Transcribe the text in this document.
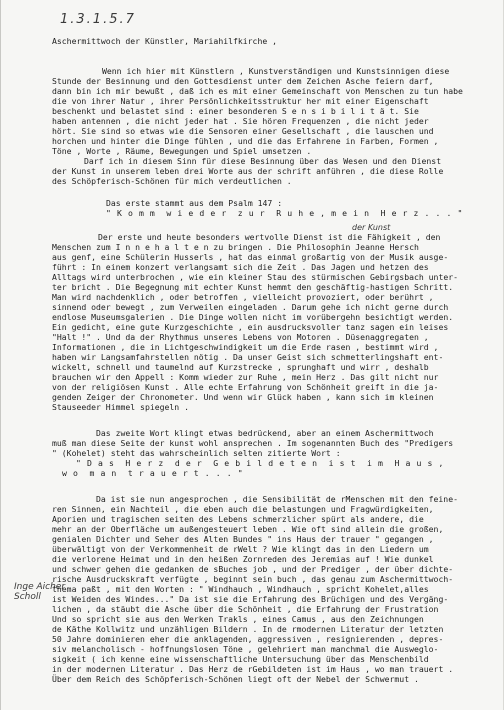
1.3.1.5.7
der Kunst
Inge Aicher Scholl
Aschermittwoch der Künstler, Mariahilfkirche ,
Wenn ich hier mit Künstlern , Kunstverständigen und Kunstsinnigen diese
Stunde der Besinnung und den Gottesdienst unter dem Zeichen Asche feiern darf,
dann bin ich mir bewußt , daß ich es mit einer Gemeinschaft von Menschen zu tun habe
die von ihrer Natur , ihrer Persönlichkeitsstruktur her mit einer Eigenschaft
beschenkt und belastet sind : einer besonderen S e n s i b i l i t ä t. Sie
haben antennen , die nicht jeder hat . Sie hören Frequenzen , die nicht jeder
hört. Sie sind so etwas wie die Sensoren einer Gesellschaft , die lauschen und
horchen und hinter die Dinge fühlen , und die das Erfahrene in Farben, Formen ,
Töne , Worte , Räume, Bewegungen und Spiel umsetzen .
Darf ich in diesem Sinn für diese Besinnung über das Wesen und den Dienst
der Kunst in unserem leben drei Worte aus der schrift anführen , die diese Rolle
des Schöpferisch-Schönen für mich verdeutlichen .
Das erste stammt aus dem Psalm 147 :
" K o m m  w i e d e r  z u r  R u h e , m e i n  H e r z . . . "
Der erste und heute besonders wertvolle Dienst ist die Fähigkeit , den
Menschen zum I n n e h a l t e n zu bringen . Die Philosophin Jeanne Hersch
aus genf, eine Schülerin Husserls , hat das einmal großartig von der Musik ausge-
führt : In einem konzert verlangsamt sich die Zeit . Das Jagen und hetzen des
Alltags wird unterbrochen , wie ein kleiner Stau des stürmischen Gebirgsbach unter-
ter bricht . Die Begegnung mit echter Kunst hemmt den geschäftig-hastigen Schritt.
Man wird nachdenklich , oder betroffen , vielleicht provoziert, oder berührt ,
sinnend oder bewegt , zum Verweilen eingeladen . Darum gehe ich nicht gerne durch
endlose Museumsgalerien . Die Dinge wollen nicht im vorübergehn besichtigt werden.
Ein gedicht, eine gute Kurzgeschichte , ein ausdrucksvoller tanz sagen ein leises
"Halt !" . Und da der Rhythmus unseres Lebens von Motoren . Düsenaggregaten ,
Informationen , die in Lichtgeschwindigkeit um die Erde rasen , bestimmt wird ,
haben wir Langsamfahrstellen nötig . Da unser Geist sich schmetterlingshaft ent-
wickelt, schnell und taumelnd auf Kurzstrecke , sprunghaft und wirr , deshalb
brauchen wir den Appell : Komm wieder zur Ruhe , mein Herz . Das gilt nicht nur
von der religiösen Kunst . Alle echte Erfahrung von Schönheit greift in die ja-
genden Zeiger der Chronometer. Und wenn wir Glück haben , kann sich im kleinen
Stauseeder Himmel spiegeln .
Das zweite Wort klingt etwas bedrückend, aber an einem Aschermittwoch
muß man diese Seite der kunst wohl ansprechen . Im sogenannten Buch des "Predigers
" (Kohelet) steht das wahrscheinlich selten zitierte Wort :
" D a s  H e r z  d e r  G e b i l d e t e n  i s t  i m  H a u s ,
w o  m a n  t r a u e r t . . . "
Da ist sie nun angesprochen , die Sensibilität de rMenschen mit den feine-
ren Sinnen, ein Nachteil , die eben auch die belastungen und Fragwürdigkeiten,
Aporien und tragischen seiten des Lebens schmerzlicher spürt als andere, die
mehr an der Oberfläche um außengesteuert leben . Wie oft sind allein die großen,
genialen Dichter und Seher des Alten Bundes " ins Haus der trauer " gegangen ,
überwältigt von der Verkommenheit de rWelt ? Wie klingt das in den Liedern um
die verlorene Heimat und in den heißen Zornreden des Jeremias auf ! Wie dunkel
und schwer gehen die gedanken de sBuches job , und der Prediger , der über dichte-
rische Ausdruckskraft verfügte , beginnt sein buch , das genau zum Aschermittwoch-
thema paßt , mit den Worten : " Windhauch , Windhauch , spricht Kohelet,alles
ist Weiden des Windes..." Da ist sie die Erfahrung des Brüchigen und des Vergäng-
lichen , da stäubt die Asche über die Schönheit , die Erfahrung der Frustration
Und so spricht sie aus den Werken Trakls , eines Camus , aus den Zeichnungen
de Käthe Kollwitz und unzähligen Bildern . In de rmodernen Literatur der letzten
50 Jahre dominieren eher die anklagenden, aggressiven , resignierenden , depres-
siv melancholisch - hoffnungslosen Töne , gelehriert man manchmal die Ausweglo-
sigkeit ( ich kenne eine wissenschaftliche Untersuchung über das Menschenbild
in der modernen Literatur . Das Herz de rGebildeten ist im Haus , wo man trauert .
Über dem Reich des Schöpferisch-Schönen liegt oft der Nebel der Schwermut .
